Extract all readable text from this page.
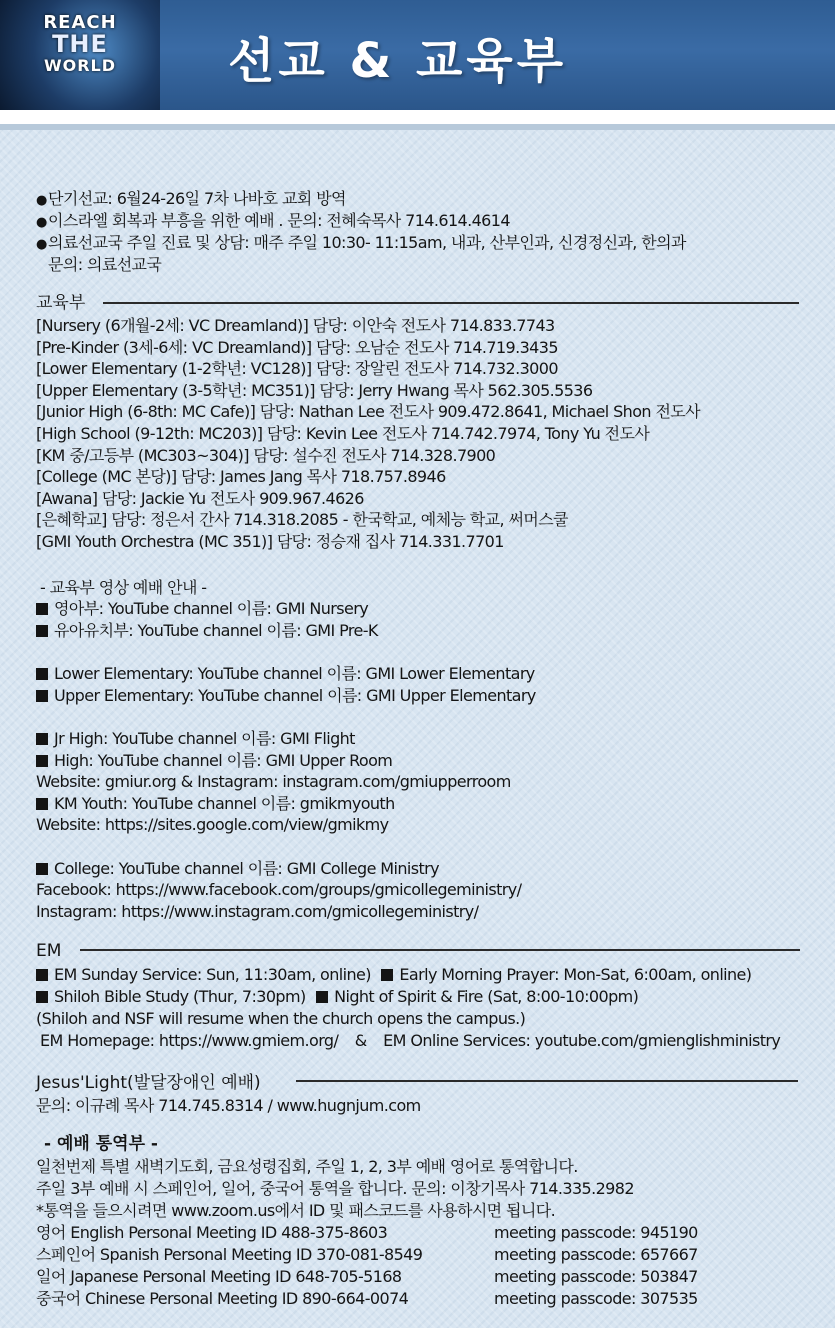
REACH
THE
WORLD 선교 & 교육부
●단기선교: 6월24-26일 7차 나바호 교회 방역
●이스라엘 회복과 부흥을 위한 예배 . 문의: 전혜숙목사 714.614.4614
●의료선교국 주일 진료 및 상담: 매주 주일 10:30- 11:15am, 내과, 산부인과, 신경정신과, 한의과
문의: 의료선교국
교육부
[Nursery (6개월-2세: VC Dreamland)] 담당: 이안숙 전도사 714.833.7743
[Pre-Kinder (3세-6세: VC Dreamland)] 담당: 오남순 전도사 714.719.3435
[Lower Elementary (1-2학년: VC128)] 담당: 장알린 전도사 714.732.3000
[Upper Elementary (3-5학년: MC351)] 담당: Jerry Hwang 목사 562.305.5536
[Junior High (6-8th: MC Cafe)] 담당: Nathan Lee 전도사 909.472.8641, Michael Shon 전도사
[High School (9-12th: MC203)] 담당: Kevin Lee 전도사 714.742.7974, Tony Yu 전도사
[KM 중/고등부 (MC303~304)] 담당: 설수진 전도사 714.328.7900
[College (MC 본당)] 담당: James Jang 목사 718.757.8946
[Awana] 담당: Jackie Yu 전도사 909.967.4626
[은혜학교] 담당: 정은서 간사 714.318.2085 - 한국학교, 예체능 학교, 써머스쿨
[GMI Youth Orchestra (MC 351)] 담당: 정승재 집사 714.331.7701
- 교육부 영상 예배 안내 -
영아부: YouTube channel 이름: GMI Nursery
유아유치부: YouTube channel 이름: GMI Pre-K
Lower Elementary: YouTube channel 이름: GMI Lower Elementary
Upper Elementary: YouTube channel 이름: GMI Upper Elementary
Jr High: YouTube channel 이름: GMI Flight
High: YouTube channel 이름: GMI Upper Room
Website: gmiur.org & Instagram: instagram.com/gmiupperroom
KM Youth: YouTube channel 이름: gmikmyouth
Website: https://sites.google.com/view/gmikmy
College: YouTube channel 이름: GMI College Ministry
Facebook: https://www.facebook.com/groups/gmicollegeministry/
Instagram: https://www.instagram.com/gmicollegeministry/
EM
EM Sunday Service: Sun, 11:30am, online) Early Morning Prayer: Mon-Sat, 6:00am, online)
Shiloh Bible Study (Thur, 7:30pm) Night of Spirit & Fire (Sat, 8:00-10:00pm)
(Shiloh and NSF will resume when the church opens the campus.)
EM Homepage: https://www.gmiem.org/ & EM Online Services: youtube.com/gmienglishministry
Jesus'Light(발달장애인 예배)
문의: 이규례 목사 714.745.8314 / www.hugnjum.com
- 예배 통역부 -
일천번제 특별 새벽기도회, 금요성령집회, 주일 1, 2, 3부 예배 영어로 통역합니다.
주일 3부 예배 시 스페인어, 일어, 중국어 통역을 합니다. 문의: 이창기목사 714.335.2982
*통역을 들으시려면 www.zoom.us에서 ID 및 패스코드를 사용하시면 됩니다.
영어 English Personal Meeting ID 488-375-8603	meeting passcode: 945190
스페인어 Spanish Personal Meeting ID 370-081-8549	meeting passcode: 657667
일어 Japanese Personal Meeting ID 648-705-5168	meeting passcode: 503847
중국어 Chinese Personal Meeting ID 890-664-0074	meeting passcode: 307535
